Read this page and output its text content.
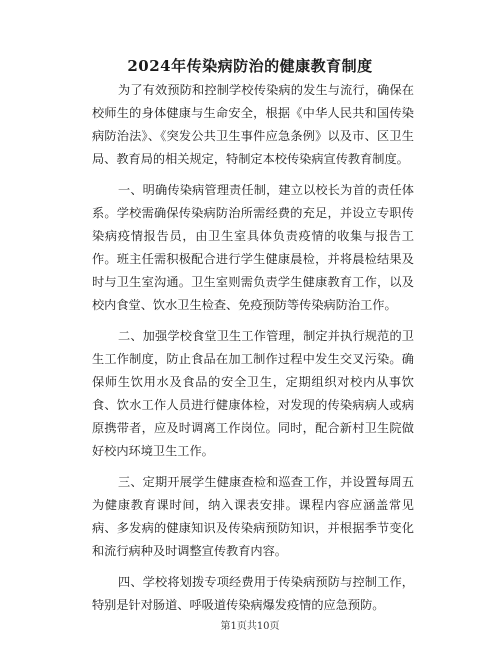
2024年传染病防治的健康教育制度

为了有效预防和控制学校传染病的发生与流行，确保在校师生的身体健康与生命安全，根据《中华人民共和国传染病防治法》、《突发公共卫生事件应急条例》以及市、区卫生局、教育局的相关规定，特制定本校传染病宣传教育制度。

一、明确传染病管理责任制，建立以校长为首的责任体系。学校需确保传染病防治所需经费的充足，并设立专职传染病疫情报告员，由卫生室具体负责疫情的收集与报告工作。班主任需积极配合进行学生健康晨检，并将晨检结果及时与卫生室沟通。卫生室则需负责学生健康教育工作，以及校内食堂、饮水卫生检查、免疫预防等传染病防治工作。

二、加强学校食堂卫生工作管理，制定并执行规范的卫生工作制度，防止食品在加工制作过程中发生交叉污染。确保师生饮用水及食品的安全卫生，定期组织对校内从事饮食、饮水工作人员进行健康体检，对发现的传染病病人或病原携带者，应及时调离工作岗位。同时，配合新村卫生院做好校内环境卫生工作。

三、定期开展学生健康查检和巡查工作，并设置每周五为健康教育课时间，纳入课表安排。课程内容应涵盖常见病、多发病的健康知识及传染病预防知识，并根据季节变化和流行病种及时调整宣传教育内容。

四、学校将划拨专项经费用于传染病预防与控制工作，特别是针对肠道、呼吸道传染病爆发疫情的应急预防。

第1页共10页
